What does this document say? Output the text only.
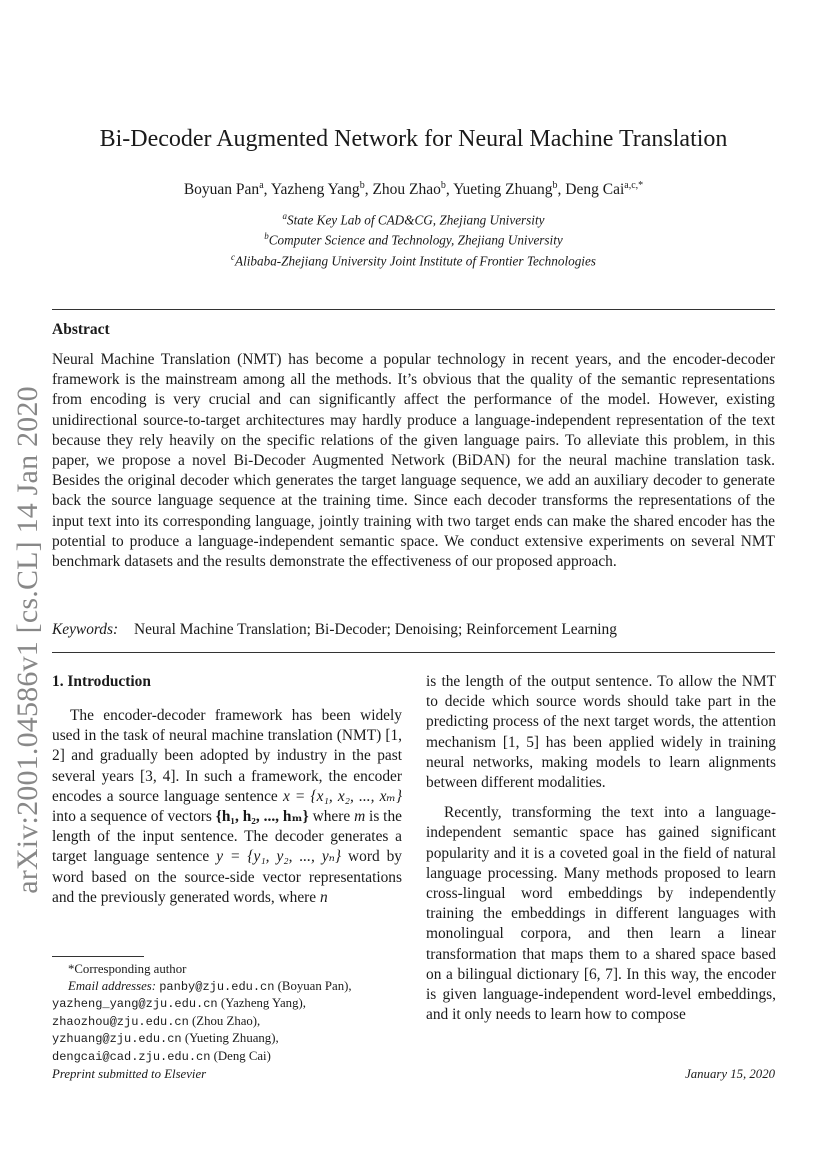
arXiv:2001.04586v1 [cs.CL] 14 Jan 2020
Bi-Decoder Augmented Network for Neural Machine Translation
Boyuan Pan$^a$, Yazheng Yang$^b$, Zhou Zhao$^b$, Yueting Zhuang$^b$, Deng Cai$^{a,c,*}$
$^a$State Key Lab of CAD&CG, Zhejiang University
$^b$Computer Science and Technology, Zhejiang University
$^c$Alibaba-Zhejiang University Joint Institute of Frontier Technologies
Abstract
Neural Machine Translation (NMT) has become a popular technology in recent years, and the encoder-decoder framework is the mainstream among all the methods. It’s obvious that the quality of the semantic representations from encoding is very crucial and can significantly affect the performance of the model. However, existing unidirectional source-to-target architectures may hardly produce a language-independent representation of the text because they rely heavily on the specific relations of the given language pairs. To alleviate this problem, in this paper, we propose a novel Bi-Decoder Augmented Network (BiDAN) for the neural machine translation task. Besides the original decoder which generates the target language sequence, we add an auxiliary decoder to generate back the source language sequence at the training time. Since each decoder transforms the representations of the input text into its corresponding language, jointly training with two target ends can make the shared encoder has the potential to produce a language-independent semantic space. We conduct extensive experiments on several NMT benchmark datasets and the results demonstrate the effectiveness of our proposed approach.
Keywords: Neural Machine Translation; Bi-Decoder; Denoising; Reinforcement Learning
1. Introduction

The encoder-decoder framework has been widely used in the task of neural machine translation (NMT) [1, 2] and gradually been adopted by industry in the past several years [3, 4]. In such a framework, the encoder encodes a source language sentence x = {x₁, x₂, ..., xₘ} into a sequence of vectors {h₁, h₂, ..., hₘ} where m is the length of the input sentence. The decoder generates a target language sentence y = {y₁, y₂, ..., yₙ} word by word based on the source-side vector representations and the previously generated words, where n

is the length of the output sentence. To allow the NMT to decide which source words should take part in the predicting process of the next target words, the attention mechanism [1, 5] has been applied widely in training neural networks, making models to learn alignments between different modalities.

Recently, transforming the text into a language-independent semantic space has gained significant popularity and it is a coveted goal in the field of natural language processing. Many methods proposed to learn cross-lingual word embeddings by independently training the embeddings in different languages with monolingual corpora, and then learn a linear transformation that maps them to a shared space based on a bilingual dictionary [6, 7]. In this way, the encoder is given language-independent word-level embeddings, and it only needs to learn how to compose

*Corresponding author
Email addresses: panby@zju.edu.cn (Boyuan Pan),
yazheng_yang@zju.edu.cn (Yazheng Yang),
zhaozhou@zju.edu.cn (Zhou Zhao),
yzhuang@zju.edu.cn (Yueting Zhuang),
dengcai@cad.zju.edu.cn (Deng Cai)
Preprint submitted to Elsevier	January 15, 2020
